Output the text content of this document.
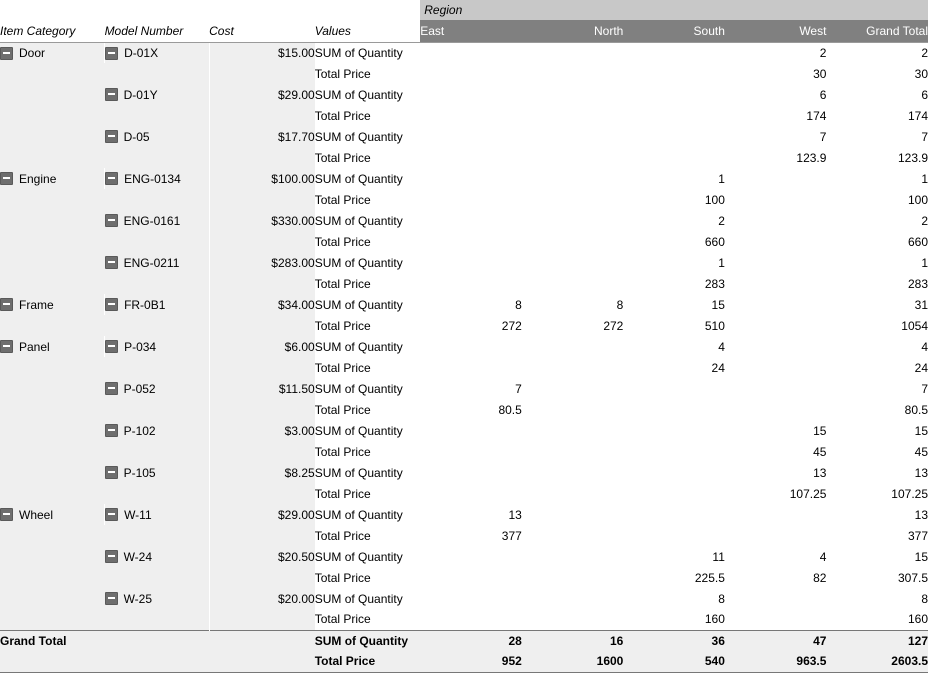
				Region				
Item Category	Model Number	Cost	Values	East	North	South	West	Grand Total
Door	D-01X	$15.00	SUM of Quantity				2	2
			Total Price				30	30
	D-01Y	$29.00	SUM of Quantity				6	6
			Total Price				174	174
	D-05	$17.70	SUM of Quantity				7	7
			Total Price				123.9	123.9
Engine	ENG-0134	$100.00	SUM of Quantity			1		1
			Total Price			100		100
	ENG-0161	$330.00	SUM of Quantity			2		2
			Total Price			660		660
	ENG-0211	$283.00	SUM of Quantity			1		1
			Total Price			283		283
Frame	FR-0B1	$34.00	SUM of Quantity	8	8	15		31
			Total Price	272	272	510		1054
Panel	P-034	$6.00	SUM of Quantity			4		4
			Total Price			24		24
	P-052	$11.50	SUM of Quantity	7				7
			Total Price	80.5				80.5
	P-102	$3.00	SUM of Quantity				15	15
			Total Price				45	45
	P-105	$8.25	SUM of Quantity				13	13
			Total Price				107.25	107.25
Wheel	W-11	$29.00	SUM of Quantity	13				13
			Total Price	377				377
	W-24	$20.50	SUM of Quantity			11	4	15
			Total Price			225.5	82	307.5
	W-25	$20.00	SUM of Quantity			8		8
			Total Price			160		160
Grand Total			SUM of Quantity	28	16	36	47	127
			Total Price	952	1600	540	963.5	2603.5
